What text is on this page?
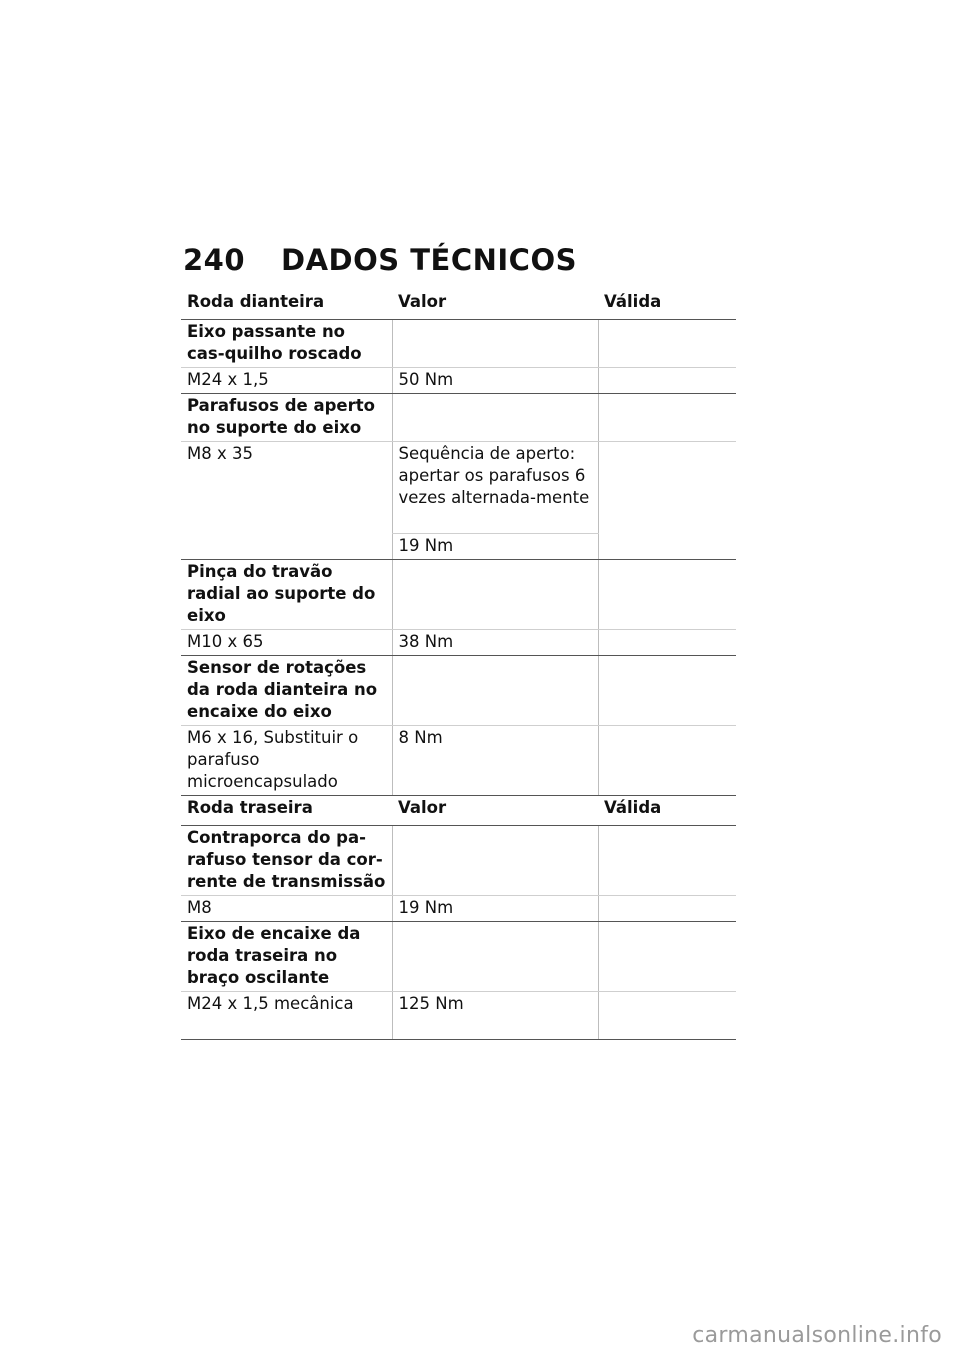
240	DADOS TÉCNICOS
Roda dianteira	Valor	Válida
Eixo passante no cas-quilho roscado		
M24 x 1,5	50 Nm	
Parafusos de aperto no suporte do eixo		
M8 x 35	Sequência de aperto: apertar os parafusos 6 vezes alternada-mente	
	19 Nm	
Pinça do travão radial ao suporte do eixo		
M10 x 65	38 Nm	
Sensor de rotações da roda dianteira no encaixe do eixo		
M6 x 16, Substituir o parafuso microencapsulado	8 Nm	
Roda traseira	Valor	Válida
Contraporca do pa-rafuso tensor da cor-rente de transmissão		
M8	19 Nm	
Eixo de encaixe da roda traseira no braço oscilante		
M24 x 1,5 mecânica	125 Nm	
carmanualsonline.info
